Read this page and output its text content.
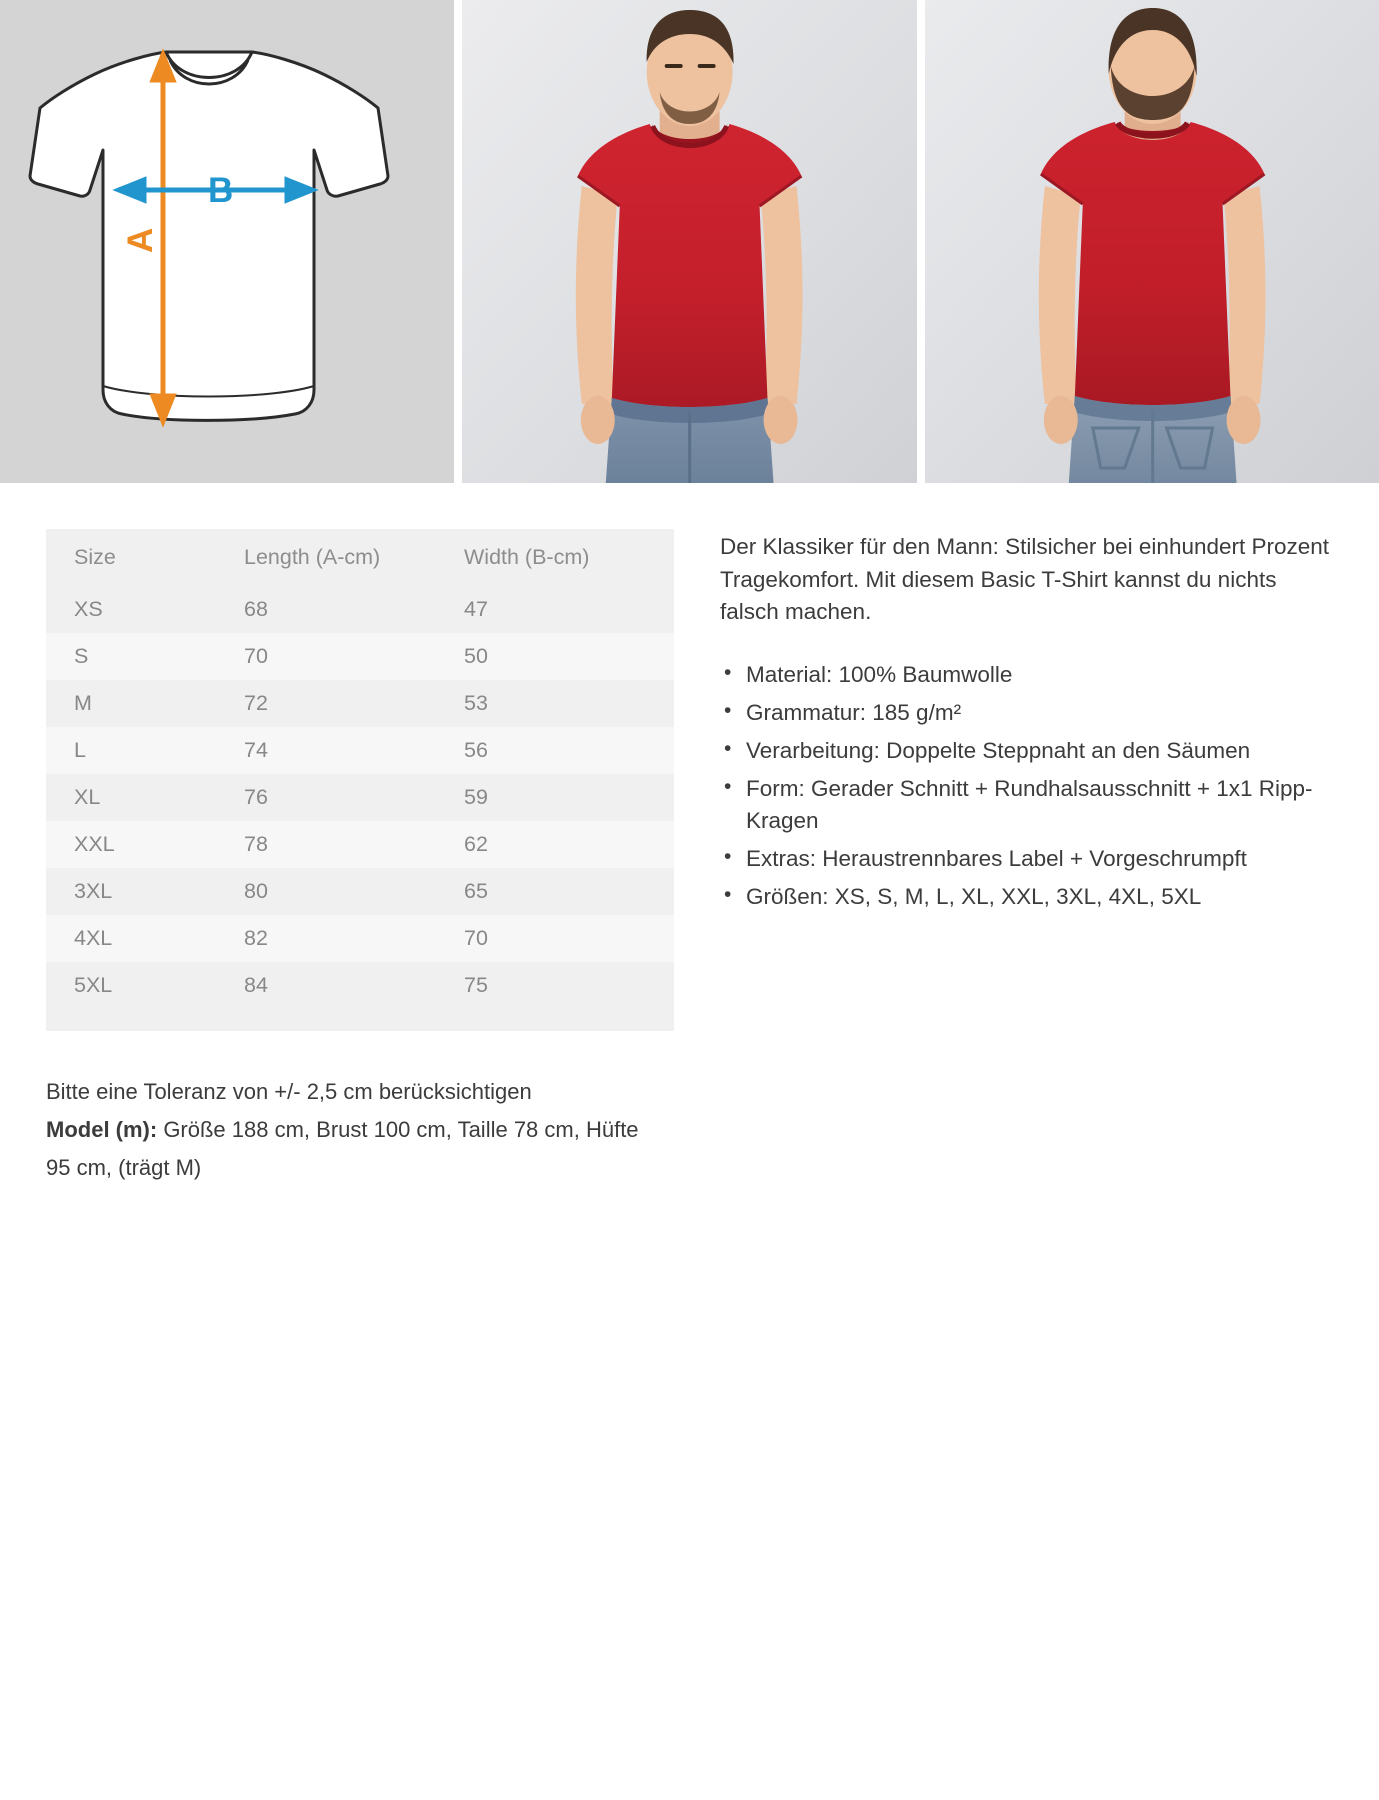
B
A
Size	Length (A-cm)	Width (B-cm)
XS	68	47
S	70	50
M	72	53
L	74	56
XL	76	59
XXL	78	62
3XL	80	65
4XL	82	70
5XL	84	75

Bitte eine Toleranz von +/- 2,5 cm berücksichtigen
Model (m): Größe 188 cm, Brust 100 cm, Taille 78 cm, Hüfte 95 cm, (trägt M)

Der Klassiker für den Mann: Stilsicher bei einhundert Prozent Tragekomfort. Mit diesem Basic T-Shirt kannst du nichts falsch machen.

• Material: 100% Baumwolle
• Grammatur: 185 g/m²
• Verarbeitung: Doppelte Steppnaht an den Säumen
• Form: Gerader Schnitt + Rundhalsausschnitt + 1x1 Ripp-Kragen
• Extras: Heraustrennbares Label + Vorgeschrumpft
• Größen: XS, S, M, L, XL, XXL, 3XL, 4XL, 5XL
